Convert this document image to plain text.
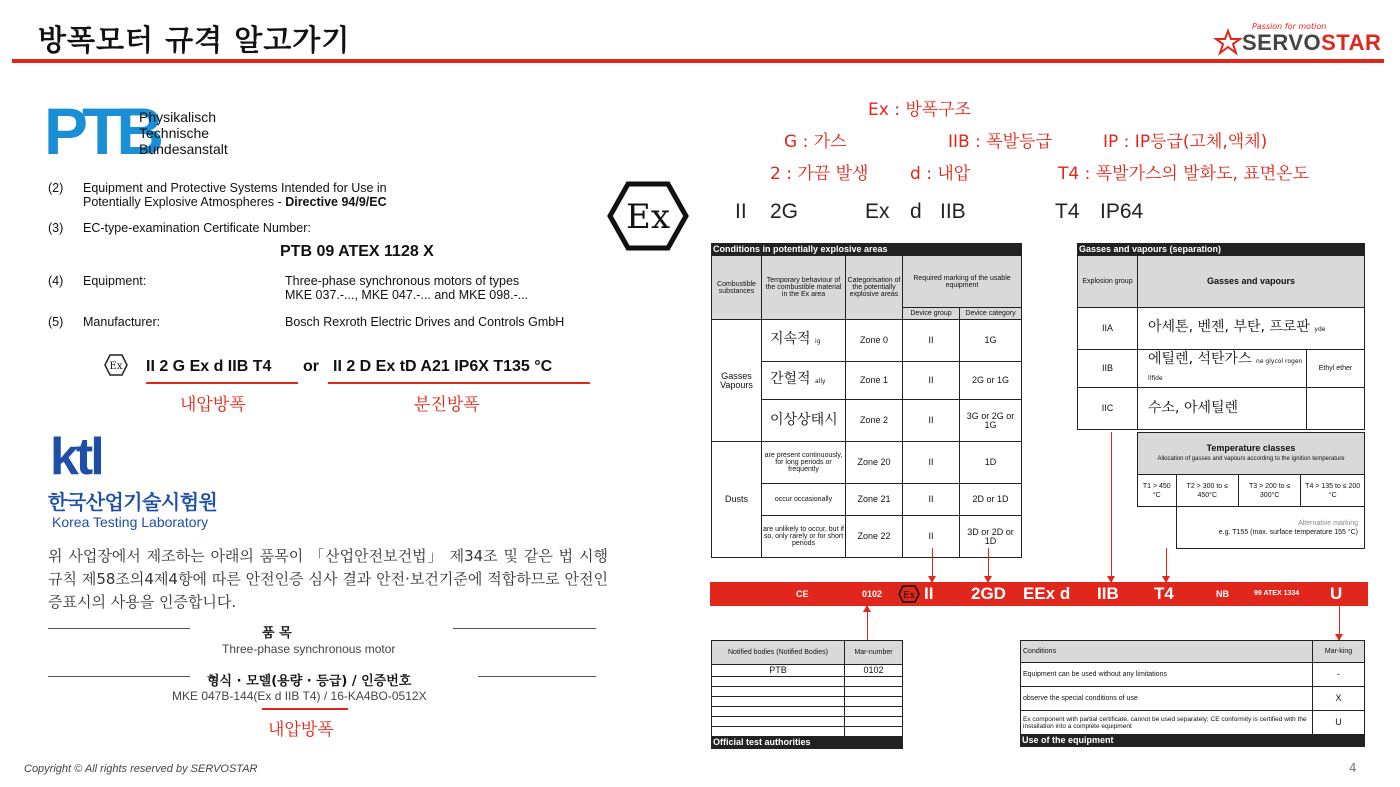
방폭모터 규격 알고가기	Passion for motion
SERVOSTAR
PTB
Physikalisch
Technische
Bundesanstalt
(2) Equipment and Protective Systems Intended for Use in
Potentially Explosive Atmospheres - Directive 94/9/EC
(3) EC-type-examination Certificate Number:
PTB 09 ATEX 1128 X
(4) Equipment:	Three-phase synchronous motors of types
MKE 037.-..., MKE 047.-... and MKE 098.-...
(5) Manufacturer:	Bosch Rexroth Electric Drives and Controls GmbH
Ex II 2 G Ex d IIB T4 or II 2 D Ex tD A21 IP6X T135 °C
내압방폭	분진방폭
ktl
한국산업기술시험원
Korea Testing Laboratory
위 사업장에서 제조하는 아래의 품목이 「산업안전보건법」 제34조 및 같은 법 시행규칙 제58조의4제4항에 따른 안전인증 심사 결과 안전·보건기준에 적합하므로 안전인증표시의 사용을 인증합니다.
품 목
Three-phase synchronous motor
형식 · 모델(용량 · 등급) / 인증번호
MKE 047B-144(Ex d IIB T4) / 16-KA4BO-0512X
내압방폭
Ex : 방폭구조
G : 가스	IIB : 폭발등급	IP : IP등급(고체,액체)
2 : 가끔 발생 d : 내압	T4 : 폭발가스의 발화도, 표면온도
Ex	II 2G	Ex d IIB	T4 IP64
Conditions in potentially explosive areas				
Combustible substances	Temporary behaviour of the combustible material in the Ex area	Categorisation of the potentially explosive areas	Required marking of the usable equipment	
			Device group	Device category
Gasses Vapours	지속적 ig	Zone 0	II	1G
	간헐적 ally	Zone 1	II	2G or 1G
	이상상태시	Zone 2	II	3G or 2G or 1G
Dusts	are present continuously, for long periods or frequently	Zone 20	II	1D
	occur occasionally	Zone 21	II	2D or 1D
	are unlikely to occur, but if so, only rarely or for short periods	Zone 22	II	3D or 2D or 1D
Gasses and vapours (separation)		
Explosion group	Gasses and vapours	
IIA	아세톤, 벤젠, 부탄, 프로판 yde	
IIB	에틸렌, 석탄가스 ne glycol rogen llfide	Ethyl ether
IIC	수소, 아세틸렌	
Temperature classes
Allocation of gasses and vapours according to the ignition temperature			
T1 > 450 °C	T2 > 300 to ≤ 450°C	T3 > 200 to ≤ 300°C	T4 > 135 to ≤ 200 °C
	Alternative marking
e.g. T155 (max. surface temperature 155 °C)		
CE	0102 Ex II 2GD EEx d IIB T4	NB	99 ATEX 1334 U
Notified bodies (Notified Bodies)	Mar-number
PTB	0102

Official test authorities	
Conditions	Mar-king
Equipment can be used without any limitations	-
observe the special conditions of use	X
Ex component with partial certificate, cannot be used separately; CE conformity is certified with the installation into a complete equipment	U
Use of the equipment	
Copyright © All rights reserved by SERVOSTAR	4
